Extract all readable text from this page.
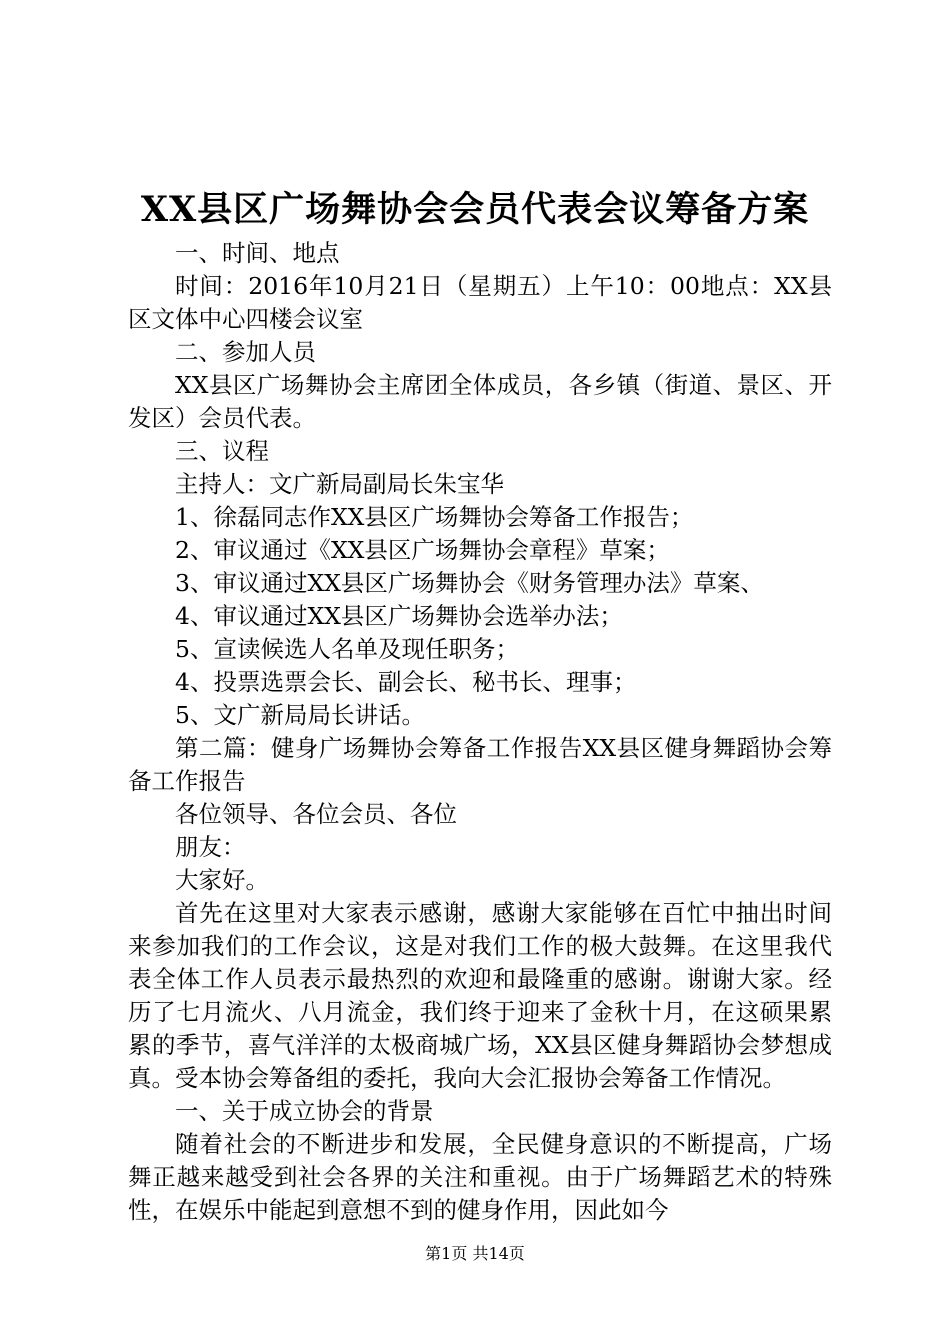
XX县区广场舞协会会员代表会议筹备方案

一、时间、地点

时间：2016年10月21日（星期五）上午10：00地点：XX县区文体中心四楼会议室

二、参加人员

XX县区广场舞协会主席团全体成员，各乡镇（街道、景区、开发区）会员代表。

三、议程

主持人：文广新局副局长朱宝华

1、徐磊同志作XX县区广场舞协会筹备工作报告；

2、审议通过《XX县区广场舞协会章程》草案；

3、审议通过XX县区广场舞协会《财务管理办法》草案、

4、审议通过XX县区广场舞协会选举办法；

5、宣读候选人名单及现任职务；

4、投票选票会长、副会长、秘书长、理事；

5、文广新局局长讲话。

第二篇：健身广场舞协会筹备工作报告XX县区健身舞蹈协会筹备工作报告

各位领导、各位会员、各位

朋友：

大家好。

首先在这里对大家表示感谢，感谢大家能够在百忙中抽出时间来参加我们的工作会议，这是对我们工作的极大鼓舞。在这里我代表全体工作人员表示最热烈的欢迎和最隆重的感谢。谢谢大家。经历了七月流火、八月流金，我们终于迎来了金秋十月，在这硕果累累的季节，喜气洋洋的太极商城广场，XX县区健身舞蹈协会梦想成真。受本协会筹备组的委托，我向大会汇报协会筹备工作情况。

一、关于成立协会的背景

随着社会的不断进步和发展，全民健身意识的不断提高，广场舞正越来越受到社会各界的关注和重视。由于广场舞蹈艺术的特殊性，在娱乐中能起到意想不到的健身作用，因此如今

第1页 共14页
